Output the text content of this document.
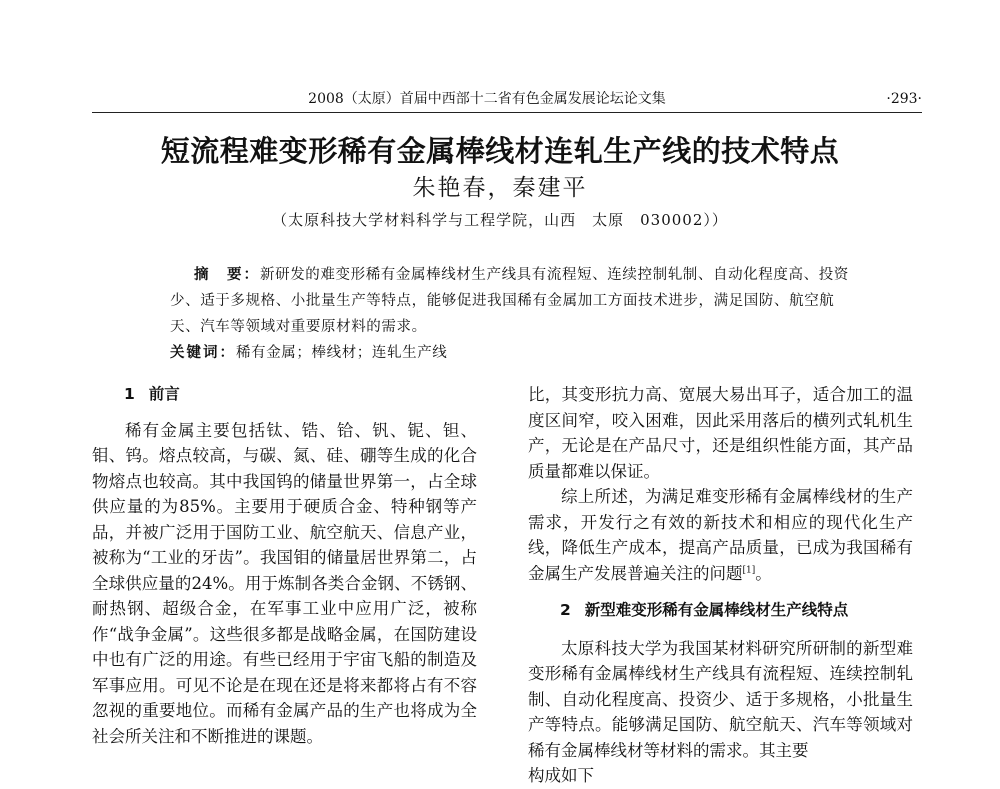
2008（太原）首届中西部十二省有色金属发展论坛论文集	·293·
短流程难变形稀有金属棒线材连轧生产线的技术特点
朱艳春，秦建平
（太原科技大学材料科学与工程学院，山西　太原　030002））

摘　要：新研发的难变形稀有金属棒线材生产线具有流程短、连续控制轧制、自动化程度高、投资少、适于多规格、小批量生产等特点，能够促进我国稀有金属加工方面技术进步，满足国防、航空航天、汽车等领域对重要原材料的需求。

关键词：稀有金属；棒线材；连轧生产线

1 前言

稀有金属主要包括钛、锆、铪、钒、铌、钽、钼、钨。熔点较高，与碳、氮、硅、硼等生成的化合物熔点也较高。其中我国钨的储量世界第一，占全球供应量的为85%。主要用于硬质合金、特种钢等产品，并被广泛用于国防工业、航空航天、信息产业，被称为“工业的牙齿”。我国钼的储量居世界第二，占全球供应量的24%。用于炼制各类合金钢、不锈钢、耐热钢、超级合金，在军事工业中应用广泛，被称作“战争金属”。这些很多都是战略金属，在国防建设中也有广泛的用途。有些已经用于宇宙飞船的制造及军事应用。可见不论是在现在还是将来都将占有不容忽视的重要地位。而稀有金属产品的生产也将成为全社会所关注和不断推进的课题。

比，其变形抗力高、宽展大易出耳子，适合加工的温度区间窄，咬入困难，因此采用落后的横列式轧机生产，无论是在产品尺寸，还是组织性能方面，其产品质量都难以保证。

综上所述，为满足难变形稀有金属棒线材的生产需求，开发行之有效的新技术和相应的现代化生产线，降低生产成本，提高产品质量，已成为我国稀有金属生产发展普遍关注的问题[1]。

2 新型难变形稀有金属棒线材生产线特点

太原科技大学为我国某材料研究所研制的新型难变形稀有金属棒线材生产线具有流程短、连续控制轧制、自动化程度高、投资少、适于多规格，小批量生产等特点。能够满足国防、航空航天、汽车等领域对稀有金属棒线材等材料的需求。其主要

构成如下
